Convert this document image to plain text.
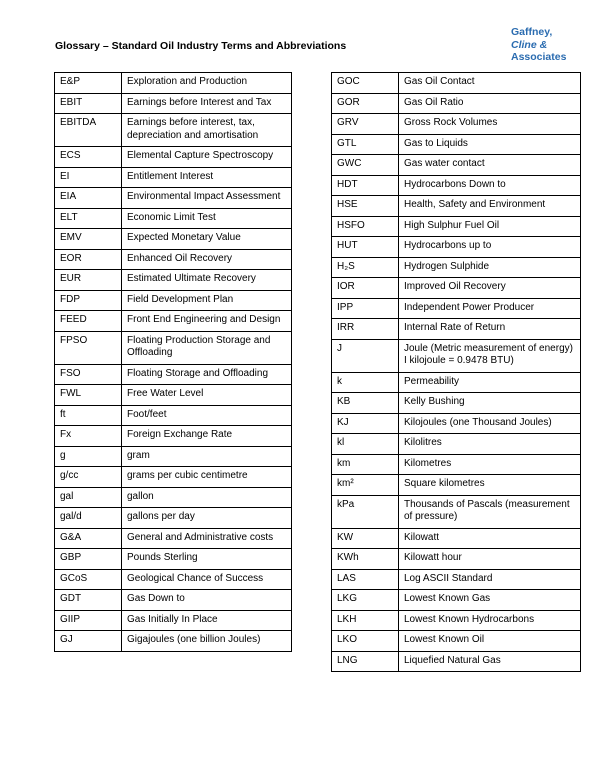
Glossary – Standard Oil Industry Terms and Abbreviations
Gaffney,
Cline &
Associates
E&P	Exploration and Production
EBIT	Earnings before Interest and Tax
EBITDA	Earnings before interest, tax, depreciation and amortisation
ECS	Elemental Capture Spectroscopy
EI	Entitlement Interest
EIA	Environmental Impact Assessment
ELT	Economic Limit Test
EMV	Expected Monetary Value
EOR	Enhanced Oil Recovery
EUR	Estimated Ultimate Recovery
FDP	Field Development Plan
FEED	Front End Engineering and Design
FPSO	Floating Production Storage and Offloading
FSO	Floating Storage and Offloading
FWL	Free Water Level
ft	Foot/feet
Fx	Foreign Exchange Rate
g	gram
g/cc	grams per cubic centimetre
gal	gallon
gal/d	gallons per day
G&A	General and Administrative costs
GBP	Pounds Sterling
GCoS	Geological Chance of Success
GDT	Gas Down to
GIIP	Gas Initially In Place
GJ	Gigajoules (one billion Joules)
GOC	Gas Oil Contact
GOR	Gas Oil Ratio
GRV	Gross Rock Volumes
GTL	Gas to Liquids
GWC	Gas water contact
HDT	Hydrocarbons Down to
HSE	Health, Safety and Environment
HSFO	High Sulphur Fuel Oil
HUT	Hydrocarbons up to
H₂S	Hydrogen Sulphide
IOR	Improved Oil Recovery
IPP	Independent Power Producer
IRR	Internal Rate of Return
J	Joule (Metric measurement of energy) I kilojoule = 0.9478 BTU)
k	Permeability
KB	Kelly Bushing
KJ	Kilojoules (one Thousand Joules)
kl	Kilolitres
km	Kilometres
km²	Square kilometres
kPa	Thousands of Pascals (measurement of pressure)
KW	Kilowatt
KWh	Kilowatt hour
LAS	Log ASCII Standard
LKG	Lowest Known Gas
LKH	Lowest Known Hydrocarbons
LKO	Lowest Known Oil
LNG	Liquefied Natural Gas
